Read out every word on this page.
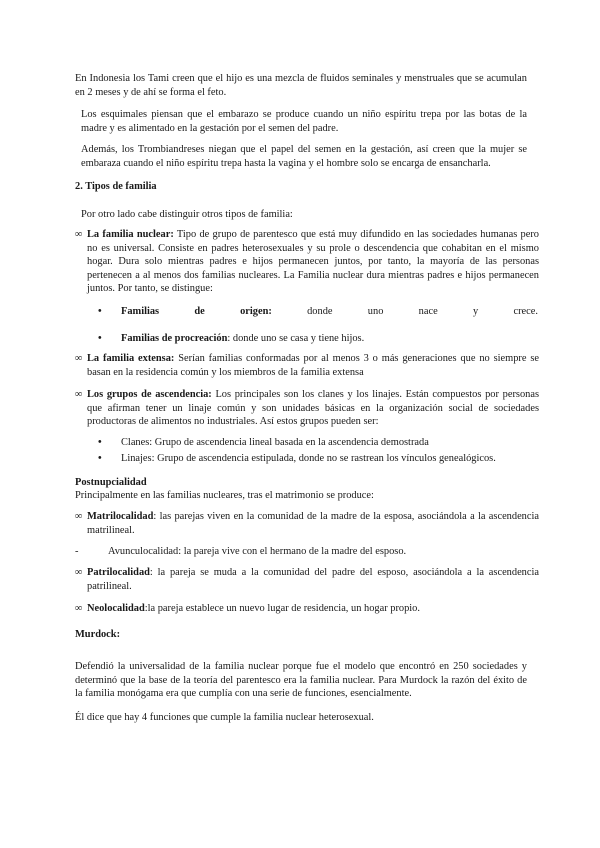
En Indonesia los Tami creen que el hijo es una mezcla de fluidos seminales y menstruales que se acumulan en 2 meses y de ahí se forma el feto.

Los esquimales piensan que el embarazo se produce cuando un niño espíritu trepa por las botas de la madre y es alimentado en la gestación por el semen del padre.

Además, los Trombiandreses niegan que el papel del semen en la gestación, así creen que la mujer se embaraza cuando el niño espíritu trepa hasta la vagina y el hombre solo se encarga de ensancharla.

2. Tipos de familia

Por otro lado cabe distinguir otros tipos de familia:

∞ La familia nuclear: Tipo de grupo de parentesco que está muy difundido en las sociedades humanas pero no es universal. Consiste en padres heterosexuales y su prole o descendencia que cohabitan en el mismo hogar. Dura solo mientras padres e hijos permanecen juntos, por tanto, la mayoría de las personas pertenecen a al menos dos familias nucleares. La Familia nuclear dura mientras padres e hijos permanecen juntos. Por tanto, se distingue:

• Familias	de	origen:	donde	uno	nace	y	crece.
•	Familias de procreación: donde uno se casa y tiene hijos.

∞ La familia extensa: Serían familias conformadas por al menos 3 o más generaciones que no siempre se basan en la residencia común y los miembros de la familia extensa

∞ Los grupos de ascendencia: Los principales son los clanes y los linajes. Están compuestos por personas que afirman tener un linaje común y son unidades básicas en la organización social de sociedades productoras de alimentos no industriales. Así estos grupos pueden ser:

•	Clanes: Grupo de ascendencia lineal basada en la ascendencia demostrada
•	Linajes: Grupo de ascendencia estipulada, donde no se rastrean los vínculos genealógicos.

Postnupcialidad

Principalmente en las familias nucleares, tras el matrimonio se produce:

∞ Matrilocalidad: las parejas viven en la comunidad de la madre de la esposa, asociándola a la ascendencia matrilineal.

-	Avunculocalidad: la pareja vive con el hermano de la madre del esposo.

∞ Patrilocalidad: la pareja se muda a la comunidad del padre del esposo, asociándola a la ascendencia patrilineal.

∞ Neolocalidad:la pareja establece un nuevo lugar de residencia, un hogar propio.

Murdock:

Defendió la universalidad de la familia nuclear porque fue el modelo que encontró en 250 sociedades y determinó que la base de la teoría del parentesco era la familia nuclear. Para Murdock la razón del éxito de la familia monógama era que cumplía con una serie de funciones, esencialmente.

Él dice que hay 4 funciones que cumple la familia nuclear heterosexual.
